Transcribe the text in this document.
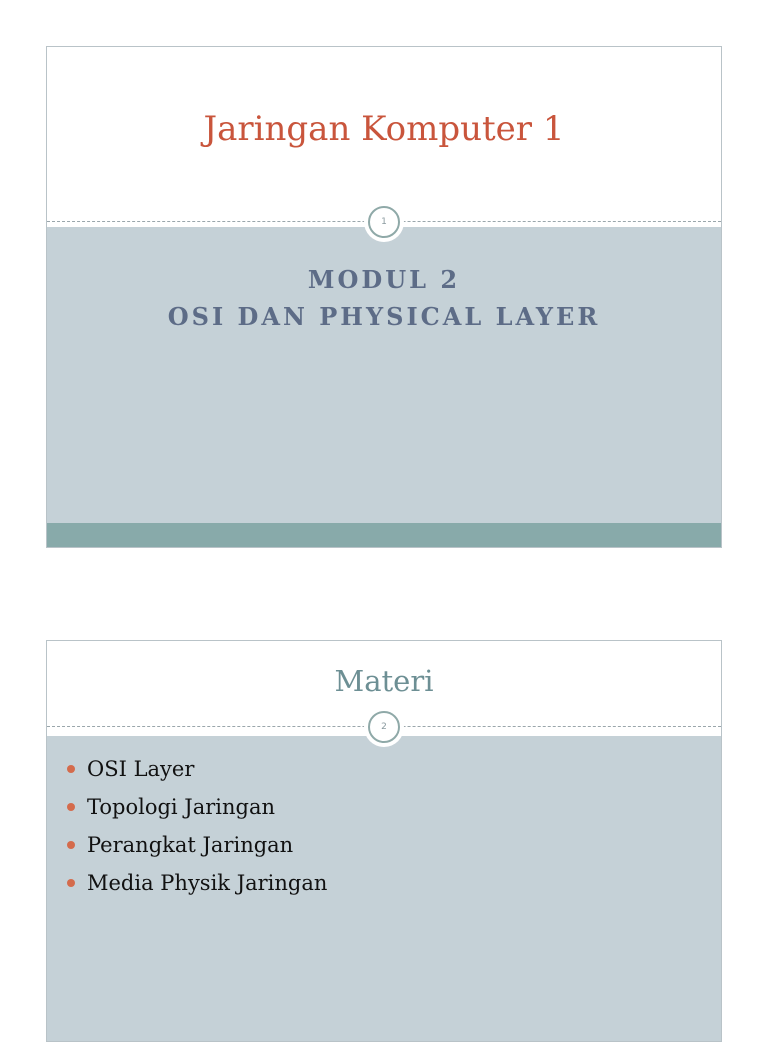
Jaringan Komputer 1
1
MODUL 2
OSI DAN PHYSICAL LAYER
Materi
2
OSI Layer
Topologi Jaringan
Perangkat Jaringan
Media Physik Jaringan
